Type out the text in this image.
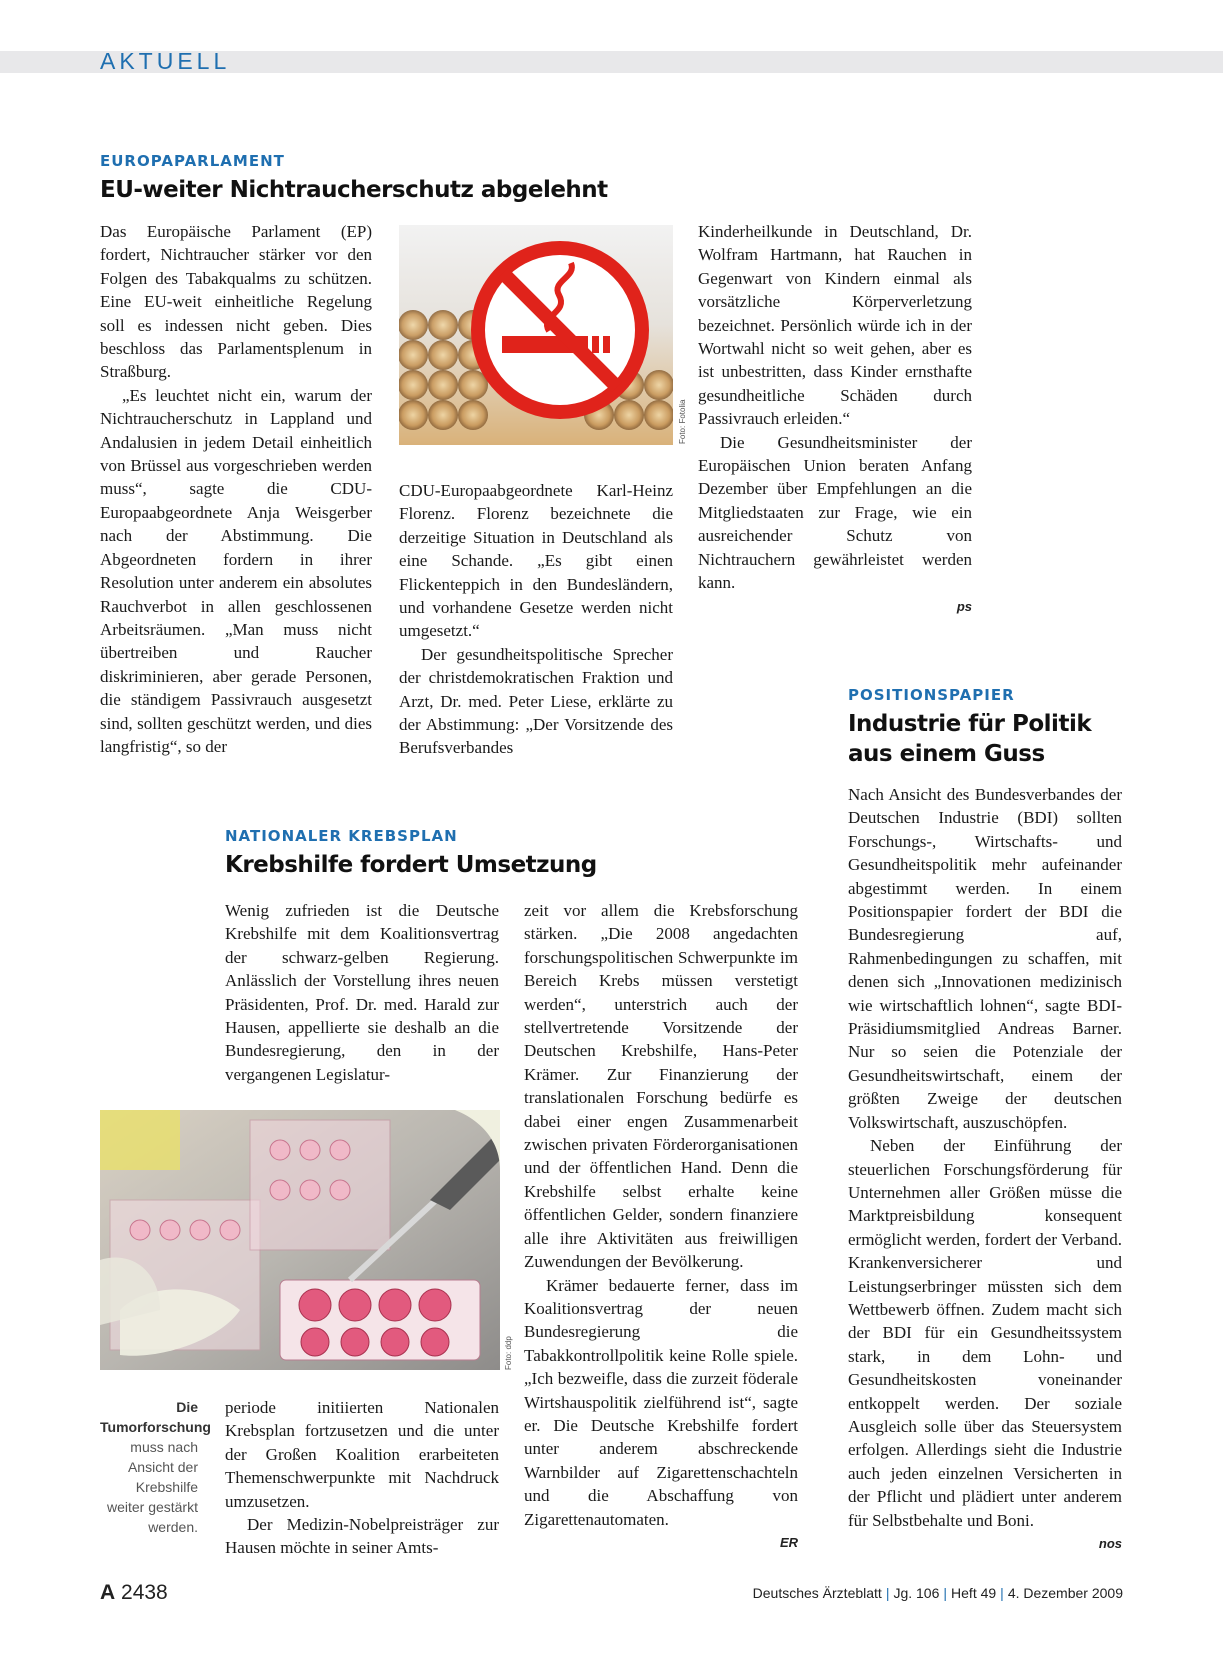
AKTUELL
EUROPAPARLAMENT
EU-weiter Nichtraucherschutz abgelehnt

Das Europäische Parlament (EP) fordert, Nichtraucher stärker vor den Folgen des Tabakqualms zu schützen. Eine EU-weit einheitliche Regelung soll es indessen nicht geben. Dies beschloss das Parlamentsplenum in Straßburg.

„Es leuchtet nicht ein, warum der Nichtraucherschutz in Lappland und Andalusien in jedem Detail einheitlich von Brüssel aus vorgeschrieben werden muss“, sagte die CDU-Europaabgeordnete Anja Weisgerber nach der Abstimmung. Die Abgeordneten fordern in ihrer Resolution unter anderem ein absolutes Rauchverbot in allen geschlossenen Arbeitsräumen. „Man muss nicht übertreiben und Raucher diskriminieren, aber gerade Personen, die ständigem Passivrauch ausgesetzt sind, sollten geschützt werden, und dies langfristig“, so der

Foto: Fotolia

CDU-Europaabgeordnete Karl-Heinz Florenz. Florenz bezeichnete die derzeitige Situation in Deutschland als eine Schande. „Es gibt einen Flickenteppich in den Bundesländern, und vorhandene Gesetze werden nicht umgesetzt.“

Der gesundheitspolitische Sprecher der christdemokratischen Fraktion und Arzt, Dr. med. Peter Liese, erklärte zu der Abstimmung: „Der Vorsitzende des Berufsverbandes

Kinderheilkunde in Deutschland, Dr. Wolfram Hartmann, hat Rauchen in Gegenwart von Kindern einmal als vorsätzliche Körperverletzung bezeichnet. Persönlich würde ich in der Wortwahl nicht so weit gehen, aber es ist unbestritten, dass Kinder ernsthafte gesundheitliche Schäden durch Passivrauch erleiden.“

Die Gesundheitsminister der Europäischen Union beraten Anfang Dezember über Empfehlungen an die Mitgliedstaaten zur Frage, wie ein ausreichender Schutz von Nichtrauchern gewährleistet werden kann.

ps
NATIONALER KREBSPLAN
Krebshilfe fordert Umsetzung

Wenig zufrieden ist die Deutsche Krebshilfe mit dem Koalitionsvertrag der schwarz-gelben Regierung. Anlässlich der Vorstellung ihres neuen Präsidenten, Prof. Dr. med. Harald zur Hausen, appellierte sie deshalb an die Bundesregierung, den in der vergangenen Legislatur-

Foto: ddp
Die Tumorforschung muss nach Ansicht der Krebshilfe weiter gestärkt werden.

periode initiierten Nationalen Krebsplan fortzusetzen und die unter der Großen Koalition erarbeiteten Themenschwerpunkte mit Nachdruck umzusetzen.

Der Medizin-Nobelpreisträger zur Hausen möchte in seiner Amts-

zeit vor allem die Krebsforschung stärken. „Die 2008 angedachten forschungspolitischen Schwerpunkte im Bereich Krebs müssen verstetigt werden“, unterstrich auch der stellvertretende Vorsitzende der Deutschen Krebshilfe, Hans-Peter Krämer. Zur Finanzierung der translationalen Forschung bedürfe es dabei einer engen Zusammenarbeit zwischen privaten Förderorganisationen und der öffentlichen Hand. Denn die Krebshilfe selbst erhalte keine öffentlichen Gelder, sondern finanziere alle ihre Aktivitäten aus freiwilligen Zuwendungen der Bevölkerung.

Krämer bedauerte ferner, dass im Koalitionsvertrag der neuen Bundesregierung die Tabakkontrollpolitik keine Rolle spiele. „Ich bezweifle, dass die zurzeit föderale Wirtshauspolitik zielführend ist“, sagte er. Die Deutsche Krebshilfe fordert unter anderem abschreckende Warnbilder auf Zigarettenschachteln und die Abschaffung von Zigarettenautomaten.

ER
POSITIONSPAPIER
Industrie für Politik
aus einem Guss

Nach Ansicht des Bundesverbandes der Deutschen Industrie (BDI) sollten Forschungs-, Wirtschafts- und Gesundheitspolitik mehr aufeinander abgestimmt werden. In einem Positionspapier fordert der BDI die Bundesregierung auf, Rahmenbedingungen zu schaffen, mit denen sich „Innovationen medizinisch wie wirtschaftlich lohnen“, sagte BDI-Präsidiumsmitglied Andreas Barner. Nur so seien die Potenziale der Gesundheitswirtschaft, einem der größten Zweige der deutschen Volkswirtschaft, auszuschöpfen.

Neben der Einführung der steuerlichen Forschungsförderung für Unternehmen aller Größen müsse die Marktpreisbildung konsequent ermöglicht werden, fordert der Verband. Krankenversicherer und Leistungserbringer müssten sich dem Wettbewerb öffnen. Zudem macht sich der BDI für ein Gesundheitssystem stark, in dem Lohn- und Gesundheitskosten voneinander entkoppelt werden. Der soziale Ausgleich solle über das Steuersystem erfolgen. Allerdings sieht die Industrie auch jeden einzelnen Versicherten in der Pflicht und plädiert unter anderem für Selbstbehalte und Boni.

nos
A 2438	Deutsches Ärzteblatt | Jg. 106 | Heft 49 | 4. Dezember 2009
